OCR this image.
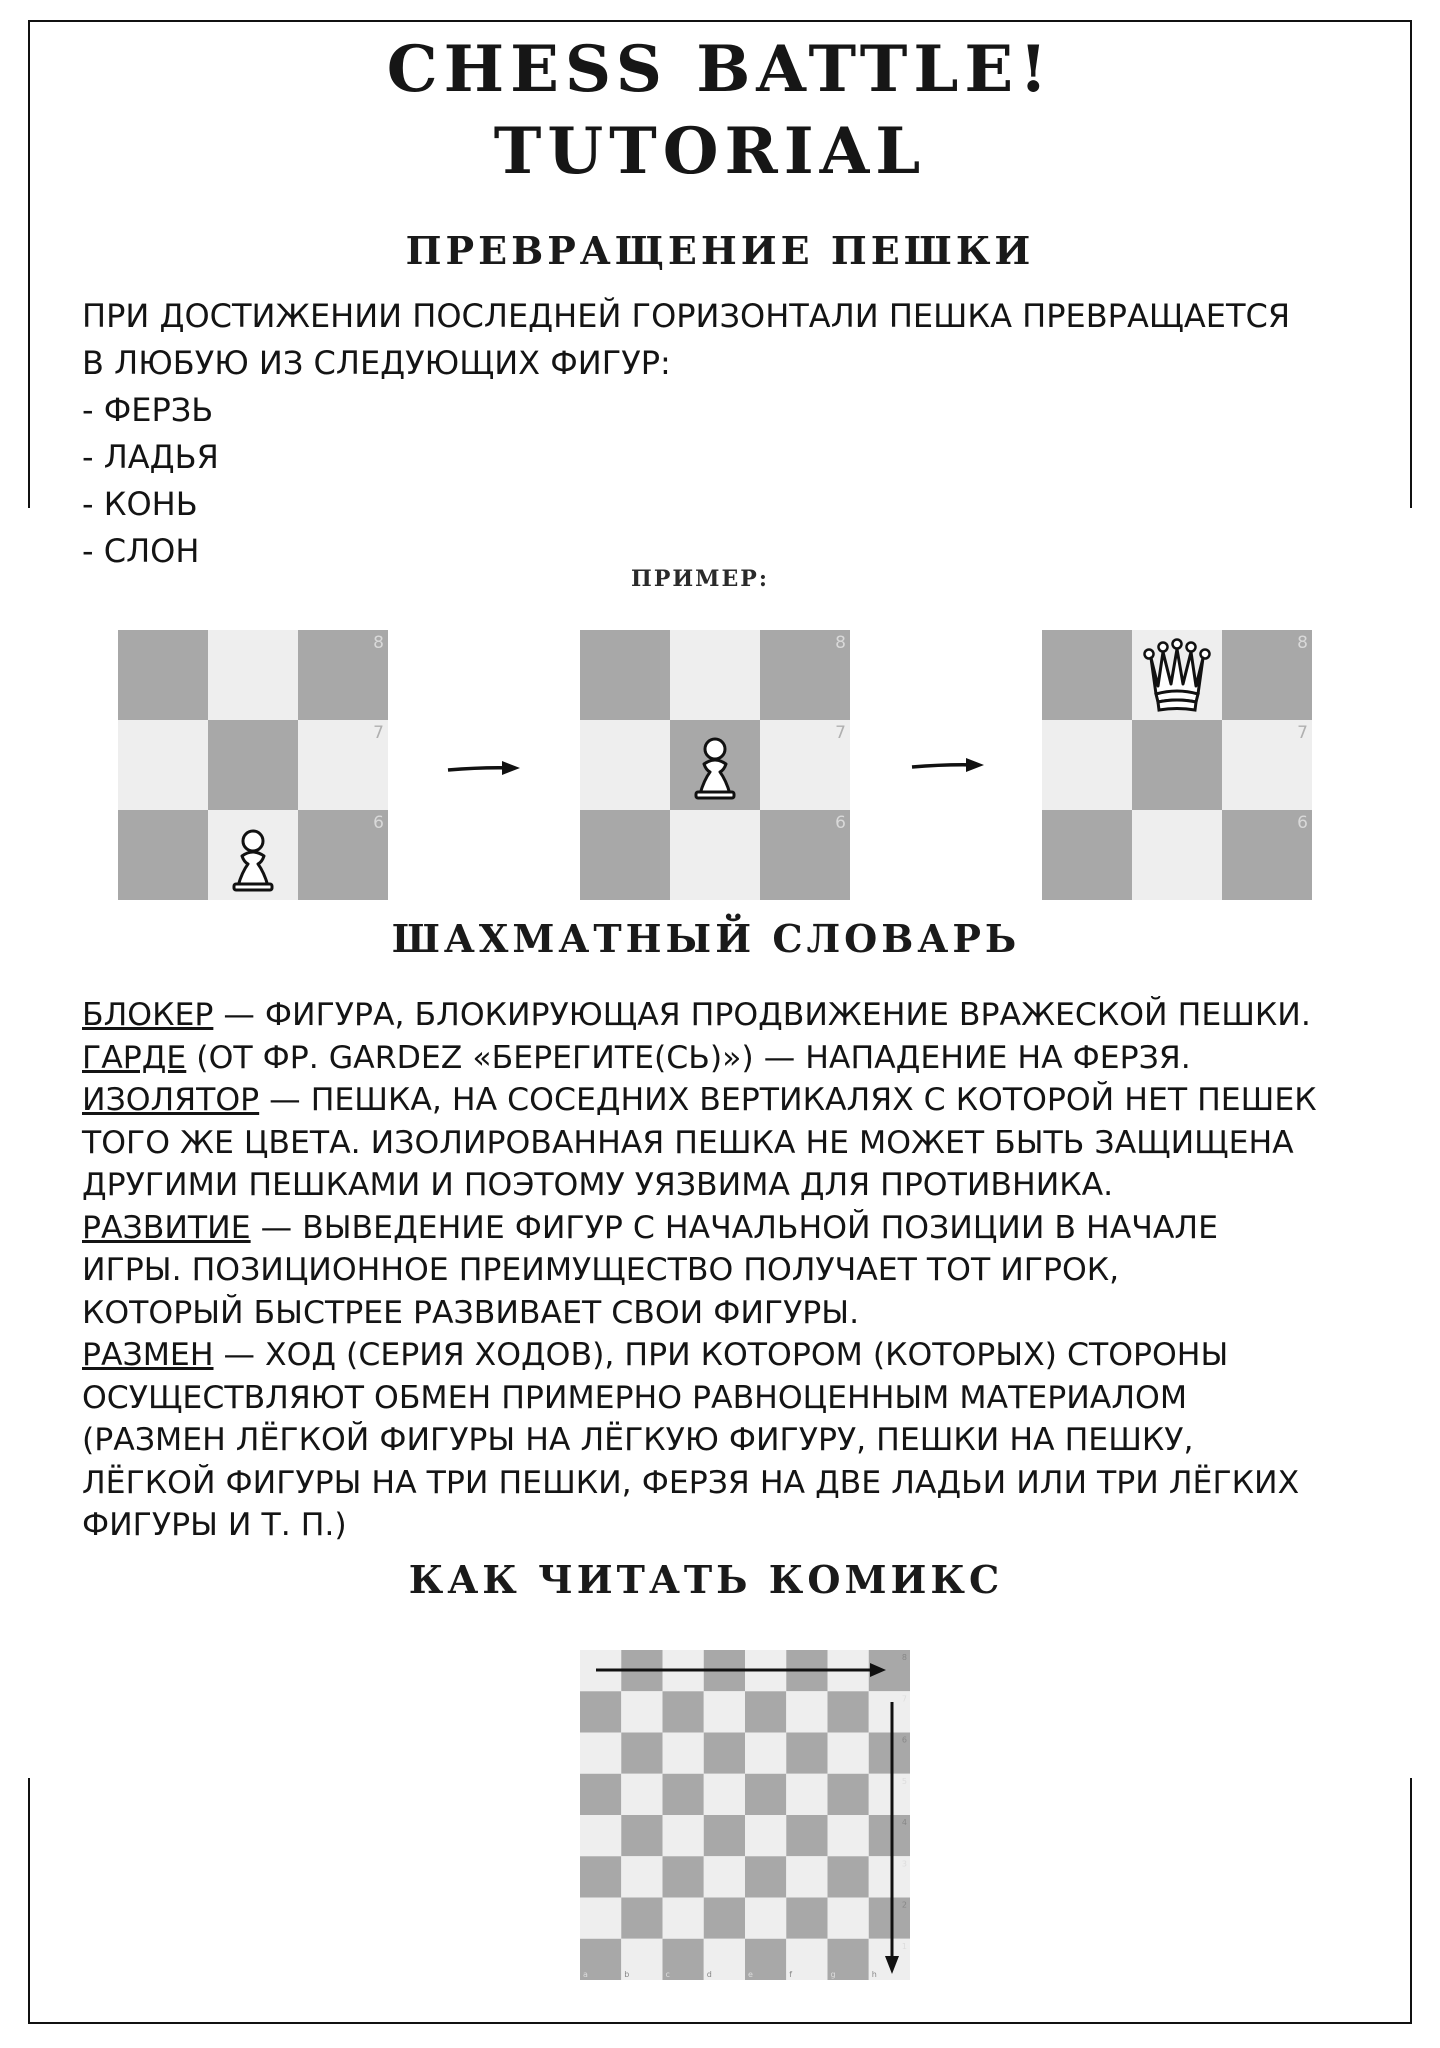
CHESS BATTLE!
TUTORIAL
ПРЕВРАЩЕНИЕ ПЕШКИ
ПРИ ДОСТИЖЕНИИ ПОСЛЕДНЕЙ ГОРИЗОНТАЛИ ПЕШКА ПРЕВРАЩАЕТСЯ
В ЛЮБУЮ ИЗ СЛЕДУЮЩИХ ФИГУР:
- ФЕРЗЬ
- ЛАДЬЯ
- КОНЬ
- СЛОН
ПРИМЕР:
8
7
6
8
7
6
8
7
6
ШАХМАТНЫЙ СЛОВАРЬ
БЛОКЕР — ФИГУРА, БЛОКИРУЮЩАЯ ПРОДВИЖЕНИЕ ВРАЖЕСКОЙ ПЕШКИ.
ГАРДЕ (ОТ ФР. GARDEZ «БЕРЕГИТЕ(СЬ)») — НАПАДЕНИЕ НА ФЕРЗЯ.
ИЗОЛЯТОР — ПЕШКА, НА СОСЕДНИХ ВЕРТИКАЛЯХ С КОТОРОЙ НЕТ ПЕШЕК
ТОГО ЖЕ ЦВЕТА. ИЗОЛИРОВАННАЯ ПЕШКА НЕ МОЖЕТ БЫТЬ ЗАЩИЩЕНА
ДРУГИМИ ПЕШКАМИ И ПОЭТОМУ УЯЗВИМА ДЛЯ ПРОТИВНИКА.
РАЗВИТИЕ — ВЫВЕДЕНИЕ ФИГУР С НАЧАЛЬНОЙ ПОЗИЦИИ В НАЧАЛЕ
ИГРЫ. ПОЗИЦИОННОЕ ПРЕИМУЩЕСТВО ПОЛУЧАЕТ ТОТ ИГРОК,
КОТОРЫЙ БЫСТРЕЕ РАЗВИВАЕТ СВОИ ФИГУРЫ.
РАЗМЕН — ХОД (СЕРИЯ ХОДОВ), ПРИ КОТОРОМ (КОТОРЫХ) СТОРОНЫ
ОСУЩЕСТВЛЯЮТ ОБМЕН ПРИМЕРНО РАВНОЦЕННЫМ МАТЕРИАЛОМ
(РАЗМЕН ЛЁГКОЙ ФИГУРЫ НА ЛЁГКУЮ ФИГУРУ, ПЕШКИ НА ПЕШКУ,
ЛЁГКОЙ ФИГУРЫ НА ТРИ ПЕШКИ, ФЕРЗЯ НА ДВЕ ЛАДЬИ ИЛИ ТРИ ЛЁГКИХ
ФИГУРЫ И Т. П.)
КАК ЧИТАТЬ КОМИКС
8
7
6
5
4
3
2
1
a	b	c	d	e	f	g	h
